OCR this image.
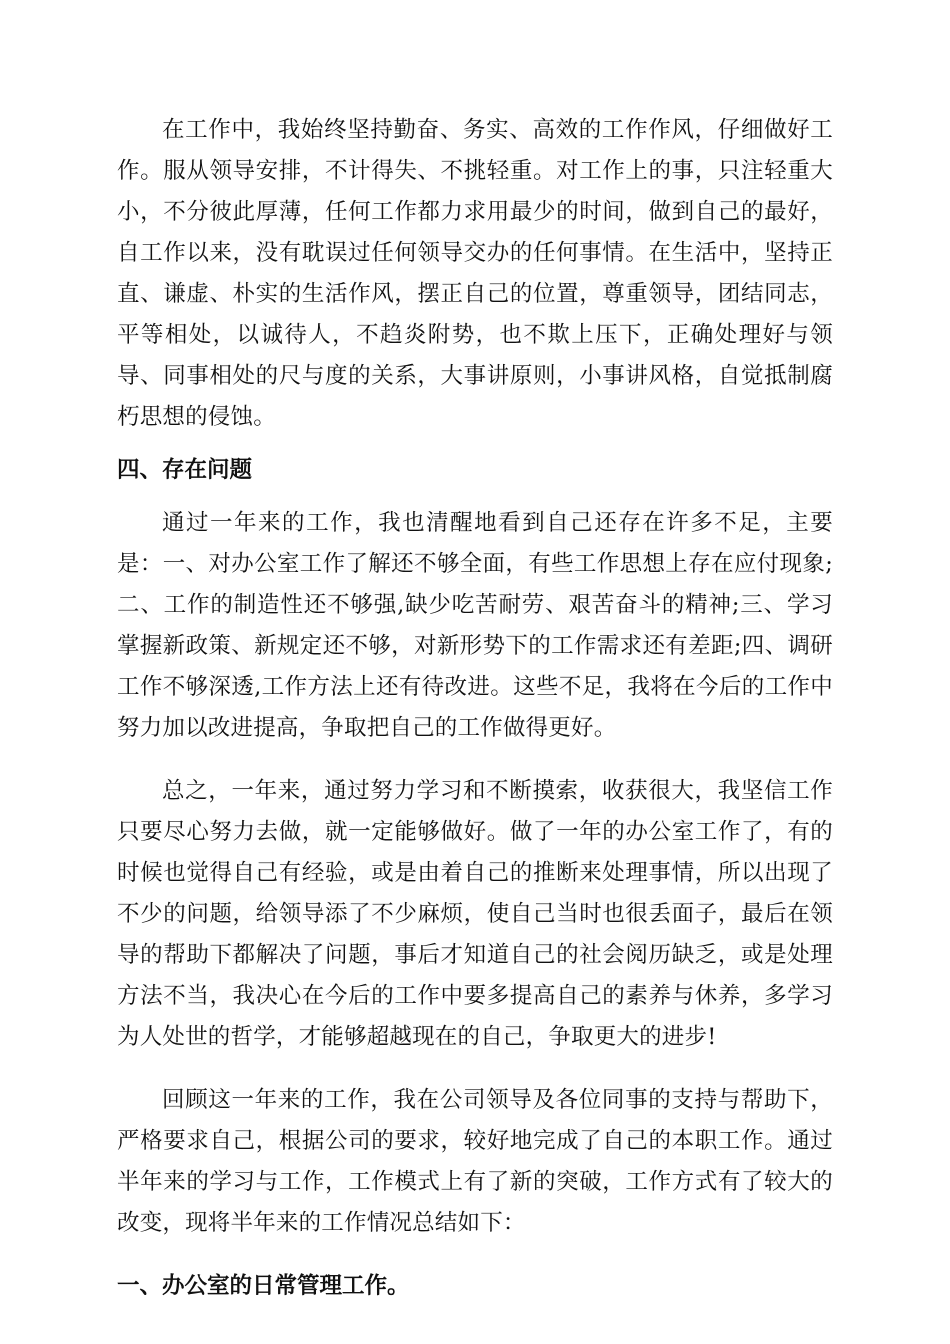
在工作中，我始终坚持勤奋、务实、高效的工作作风，仔细做好工作。服从领导安排，不计得失、不挑轻重。对工作上的事，只注轻重大小，不分彼此厚薄，任何工作都力求用最少的时间，做到自己的最好，自工作以来，没有耽误过任何领导交办的任何事情。在生活中，坚持正直、谦虚、朴实的生活作风，摆正自己的位置，尊重领导，团结同志，平等相处，以诚待人，不趋炎附势，也不欺上压下，正确处理好与领导、同事相处的尺与度的关系，大事讲原则，小事讲风格，自觉抵制腐朽思想的侵蚀。

四、存在问题

通过一年来的工作，我也清醒地看到自己还存在许多不足，主要是：一、对办公室工作了解还不够全面，有些工作思想上存在应付现象;二、工作的制造性还不够强,缺少吃苦耐劳、艰苦奋斗的精神;三、学习掌握新政策、新规定还不够，对新形势下的工作需求还有差距;四、调研工作不够深透,工作方法上还有待改进。这些不足，我将在今后的工作中努力加以改进提高，争取把自己的工作做得更好。

总之，一年来，通过努力学习和不断摸索，收获很大，我坚信工作只要尽心努力去做，就一定能够做好。做了一年的办公室工作了，有的时候也觉得自己有经验，或是由着自己的推断来处理事情，所以出现了不少的问题，给领导添了不少麻烦，使自己当时也很丢面子，最后在领导的帮助下都解决了问题，事后才知道自己的社会阅历缺乏，或是处理方法不当，我决心在今后的工作中要多提高自己的素养与休养，多学习为人处世的哲学，才能够超越现在的自己，争取更大的进步!

回顾这一年来的工作，我在公司领导及各位同事的支持与帮助下，严格要求自己，根据公司的要求，较好地完成了自己的本职工作。通过半年来的学习与工作，工作模式上有了新的突破，工作方式有了较大的改变，现将半年来的工作情况总结如下：

一、办公室的日常管理工作。
